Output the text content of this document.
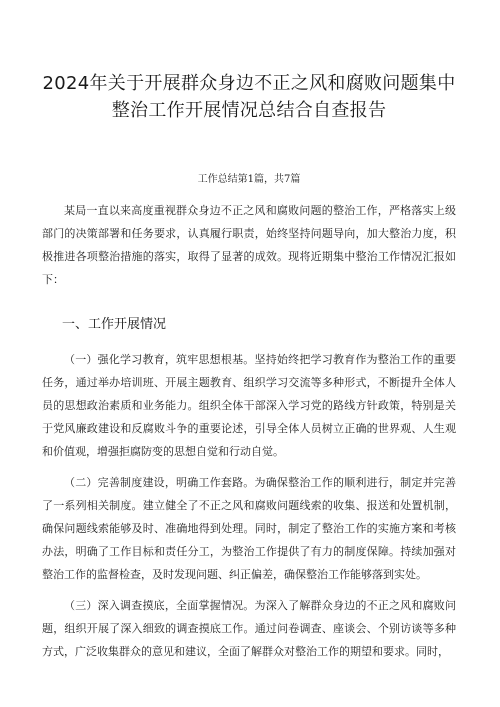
2024年关于开展群众身边不正之风和腐败问题集中
整治工作开展情况总结合自查报告
工作总结第1篇，共7篇

某局一直以来高度重视群众身边不正之风和腐败问题的整治工作，严格落实上级部门的决策部署和任务要求，认真履行职责，始终坚持问题导向，加大整治力度，积极推进各项整治措施的落实，取得了显著的成效。现将近期集中整治工作情况汇报如下：

一、工作开展情况

（一）强化学习教育，筑牢思想根基。坚持始终把学习教育作为整治工作的重要任务，通过举办培训班、开展主题教育、组织学习交流等多种形式，不断提升全体人员的思想政治素质和业务能力。组织全体干部深入学习党的路线方针政策，特别是关于党风廉政建设和反腐败斗争的重要论述，引导全体人员树立正确的世界观、人生观和价值观，增强拒腐防变的思想自觉和行动自觉。

（二）完善制度建设，明确工作套路。为确保整治工作的顺利进行，制定并完善了一系列相关制度。建立健全了不正之风和腐败问题线索的收集、报送和处置机制，确保问题线索能够及时、准确地得到处理。同时，制定了整治工作的实施方案和考核办法，明确了工作目标和责任分工，为整治工作提供了有力的制度保障。持续加强对整治工作的监督检查，及时发现问题、纠正偏差，确保整治工作能够落到实处。

（三）深入调查摸底，全面掌握情况。为深入了解群众身边的不正之风和腐败问题，组织开展了深入细致的调查摸底工作。通过问卷调查、座谈会、个别访谈等多种方式，广泛收集群众的意见和建议，全面了解群众对整治工作的期望和要求。同时，
